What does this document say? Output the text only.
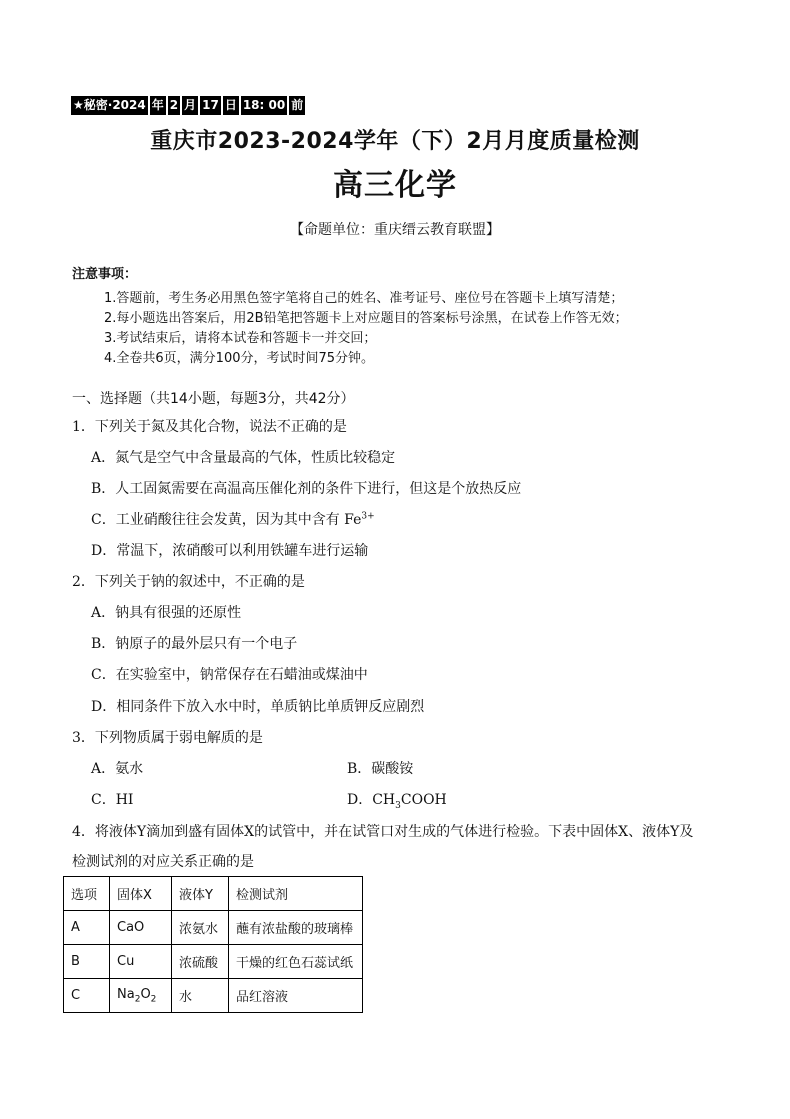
★秘密·2024 年 2 月 17 日 18: 00 前
重庆市2023-2024学年（下）2月月度质量检测
高三化学
【命题单位：重庆缙云教育联盟】
注意事项：
1.答题前，考生务必用黑色签字笔将自己的姓名、准考证号、座位号在答题卡上填写清楚；
2.每小题选出答案后，用2B铅笔把答题卡上对应题目的答案标号涂黑，在试卷上作答无效；
3.考试结束后，请将本试卷和答题卡一并交回；
4.全卷共6页，满分100分，考试时间75分钟。
一、选择题（共14小题，每题3分，共42分）
1．下列关于氮及其化合物，说法不正确的是
A．氮气是空气中含量最高的气体，性质比较稳定
B．人工固氮需要在高温高压催化剂的条件下进行，但这是个放热反应
C．工业硝酸往往会发黄，因为其中含有 $Fe^{3+}$
D．常温下，浓硝酸可以利用铁罐车进行运输
2．下列关于钠的叙述中，不正确的是
A．钠具有很强的还原性
B．钠原子的最外层只有一个电子
C．在实验室中，钠常保存在石蜡油或煤油中
D．相同条件下放入水中时，单质钠比单质钾反应剧烈
3．下列物质属于弱电解质的是
A．氨水	B．碳酸铵
C．HI	D．$CH_3COOH$
4．将液体Y滴加到盛有固体X的试管中，并在试管口对生成的气体进行检验。下表中固体X、液体Y及
检测试剂的对应关系正确的是
选项	固体X	液体Y	检测试剂
A	CaO	浓氨水	蘸有浓盐酸的玻璃棒
B	Cu	浓硫酸	干燥的红色石蕊试纸
C	$Na_2O_2$	水	品红溶液
